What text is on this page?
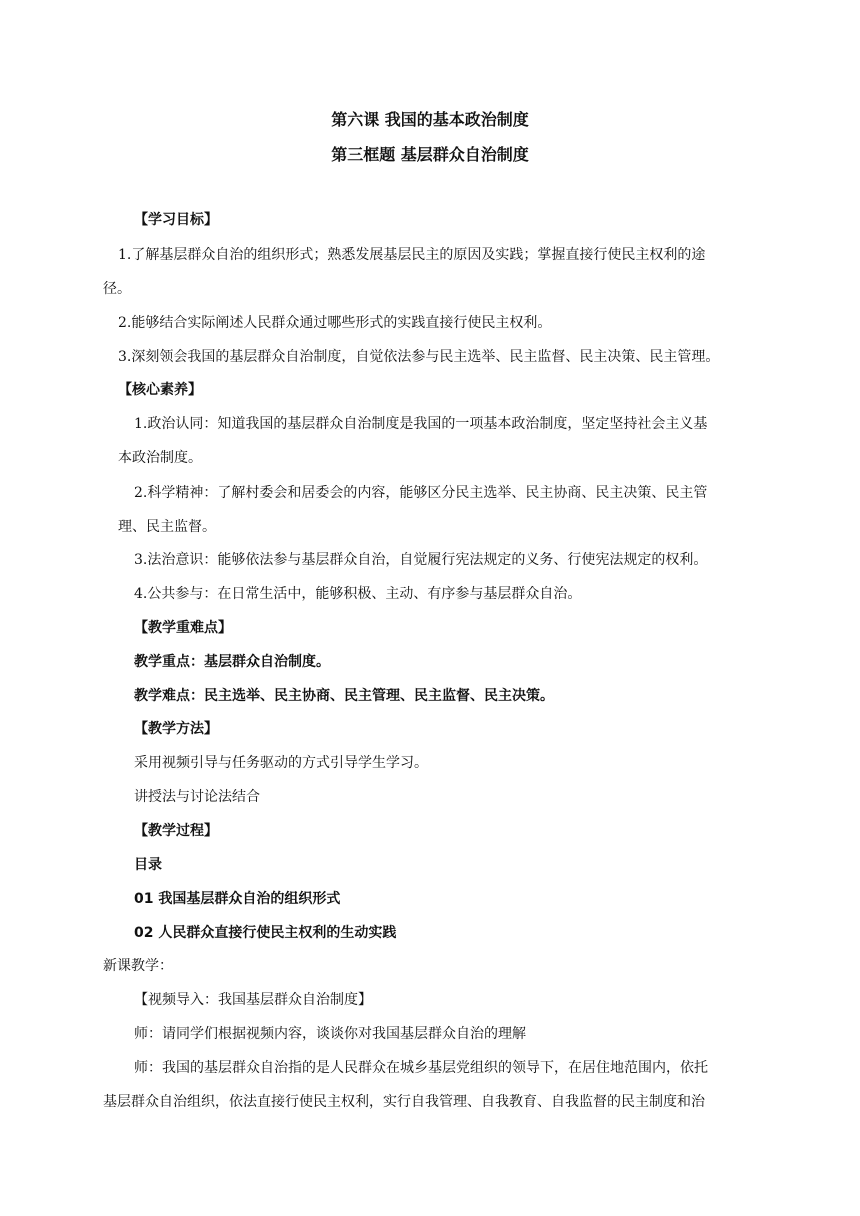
第六课 我国的基本政治制度
第三框题 基层群众自治制度
【学习目标】
1.了解基层群众自治的组织形式；熟悉发展基层民主的原因及实践；掌握直接行使民主权利的途
径。
2.能够结合实际阐述人民群众通过哪些形式的实践直接行使民主权利。
3.深刻领会我国的基层群众自治制度，自觉依法参与民主选举、民主监督、民主决策、民主管理。
【核心素养】
1.政治认同：知道我国的基层群众自治制度是我国的一项基本政治制度，坚定坚持社会主义基
本政治制度。
2.科学精神：了解村委会和居委会的内容，能够区分民主选举、民主协商、民主决策、民主管
理、民主监督。
3.法治意识：能够依法参与基层群众自治，自觉履行宪法规定的义务、行使宪法规定的权利。
4.公共参与：在日常生活中，能够积极、主动、有序参与基层群众自治。
【教学重难点】
教学重点：基层群众自治制度。
教学难点：民主选举、民主协商、民主管理、民主监督、民主决策。
【教学方法】
采用视频引导与任务驱动的方式引导学生学习。
讲授法与讨论法结合
【教学过程】
目录
01 我国基层群众自治的组织形式
02 人民群众直接行使民主权利的生动实践
新课教学：
【视频导入：我国基层群众自治制度】
师：请同学们根据视频内容，谈谈你对我国基层群众自治的理解
师：我国的基层群众自治指的是人民群众在城乡基层党组织的领导下，在居住地范围内，依托
基层群众自治组织，依法直接行使民主权利，实行自我管理、自我教育、自我监督的民主制度和治
